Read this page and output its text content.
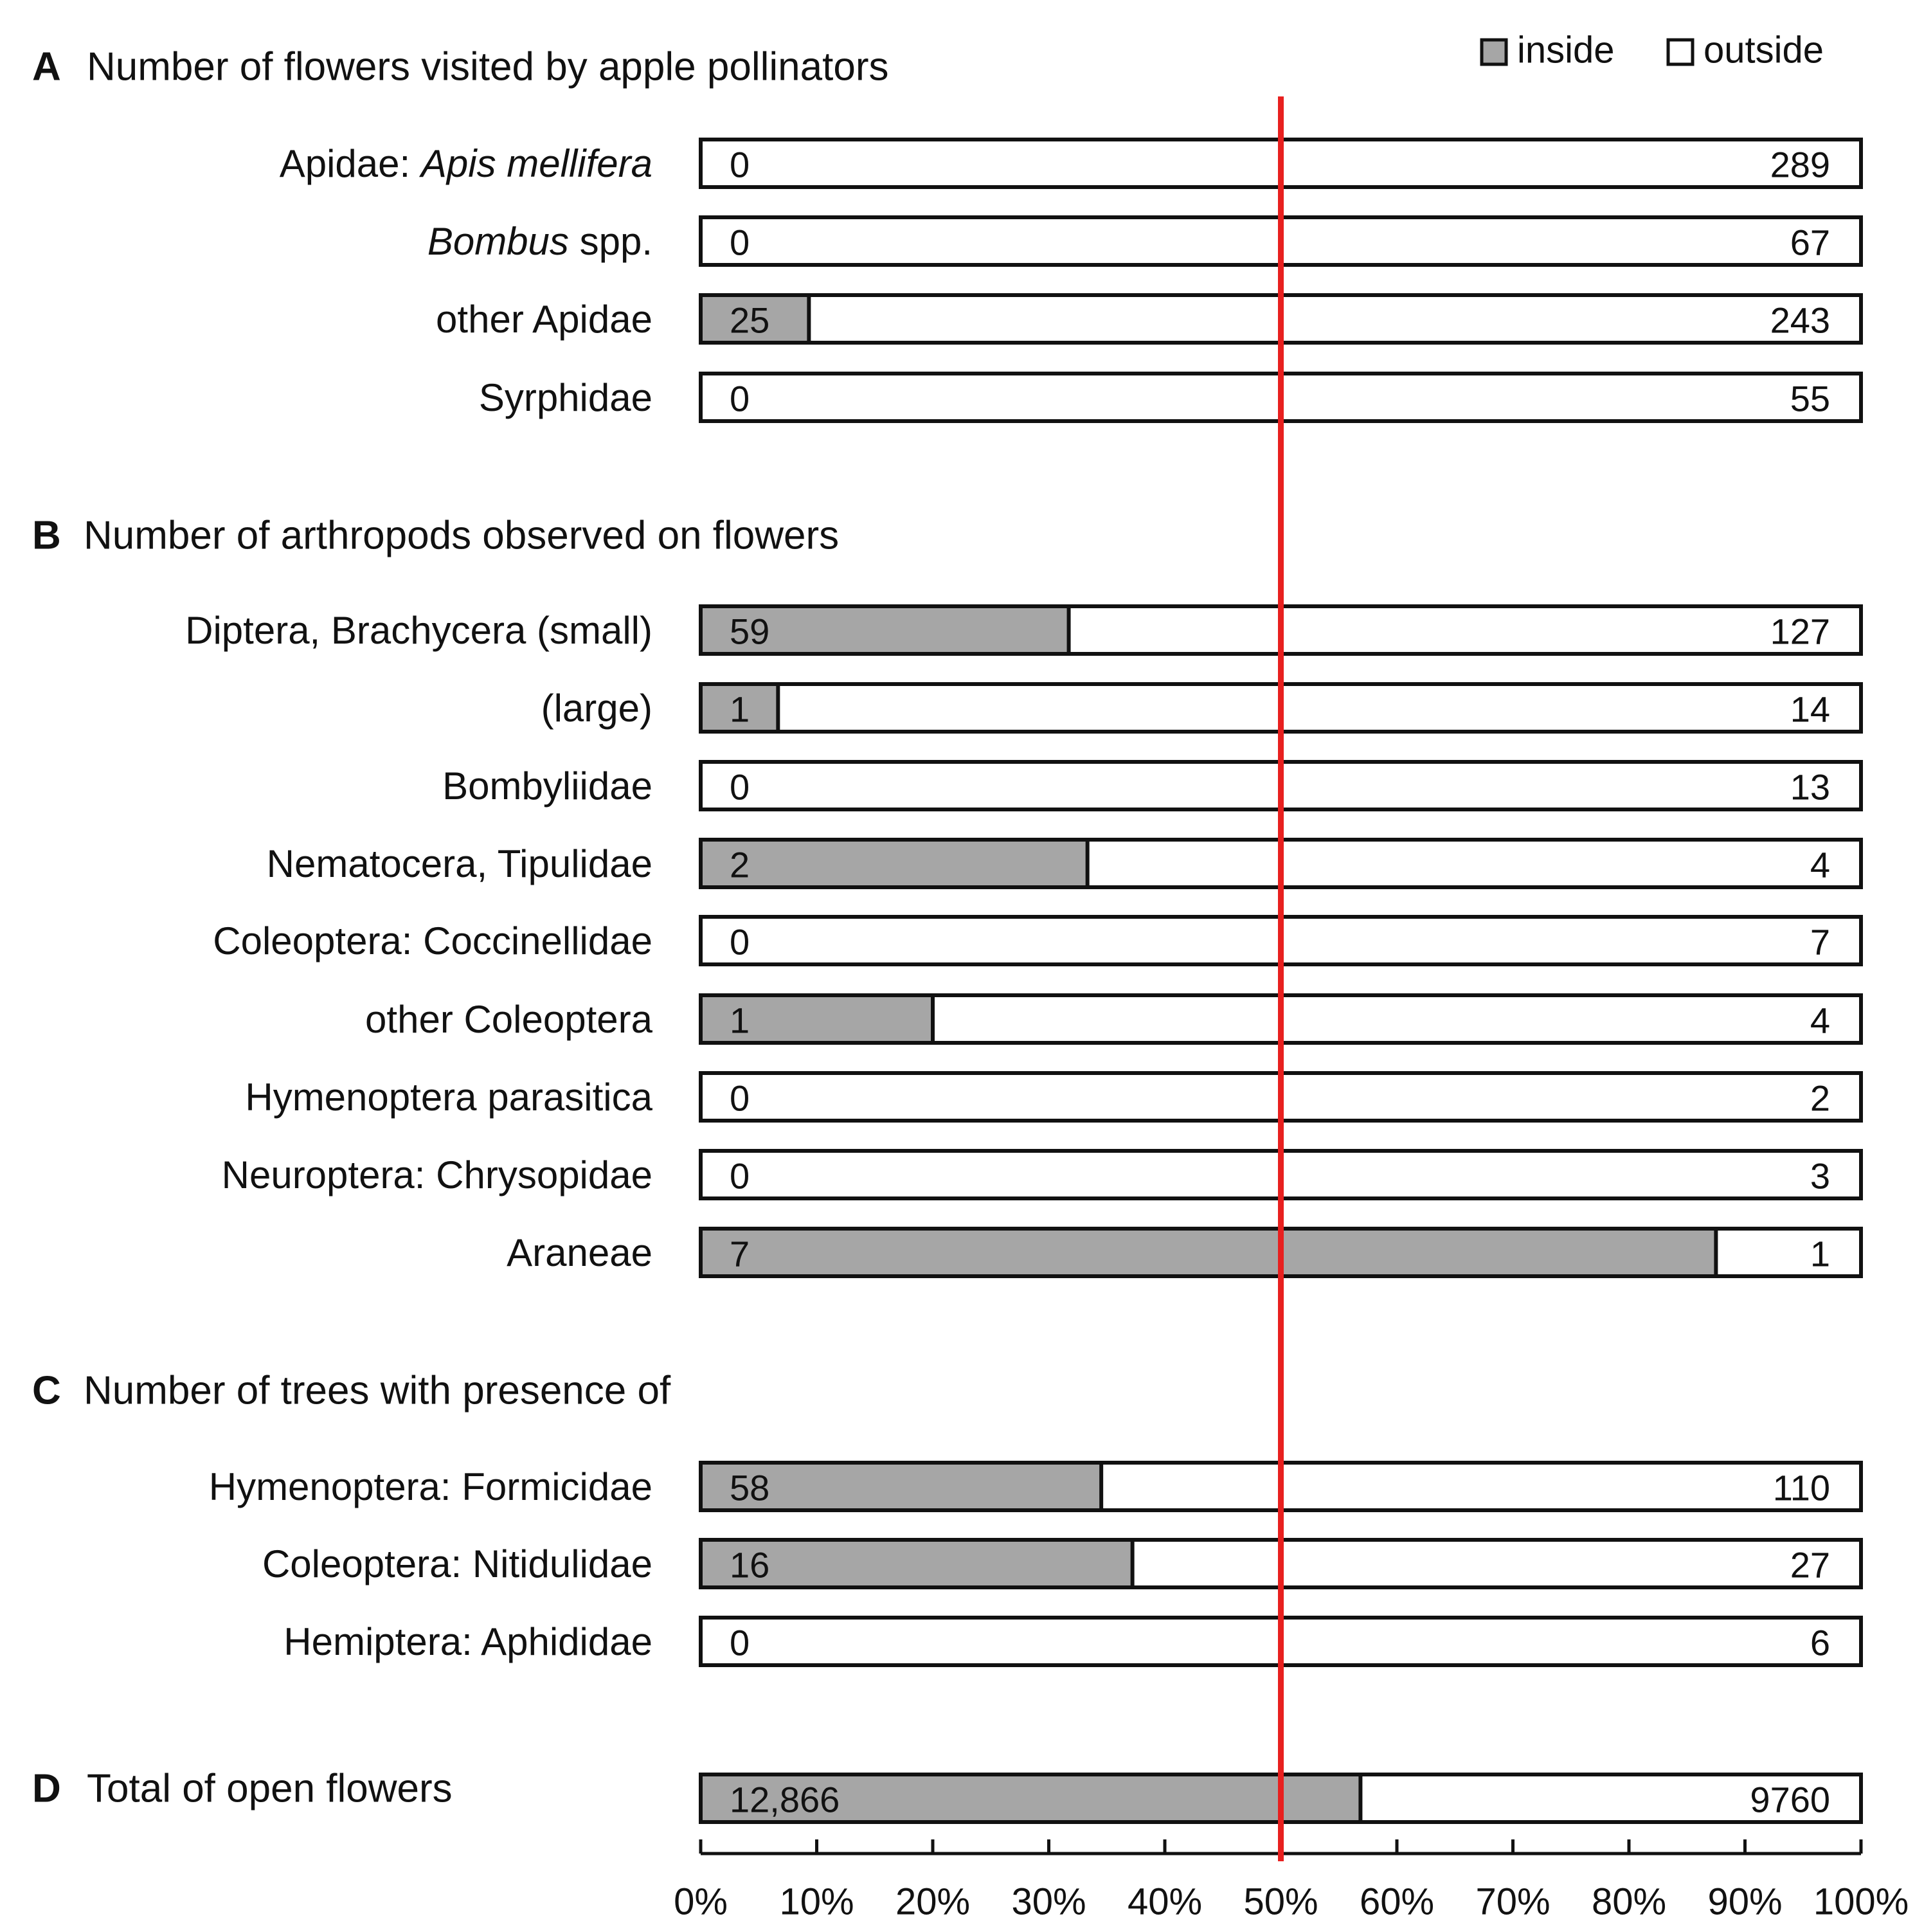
inside outside
A Number of flowers visited by apple pollinators
Apidae: Apis mellifera 0	289
Bombus spp. 0	67
other Apidae 25	243
Syrphidae 0	55
B Number of arthropods observed on flowers
Diptera, Brachycera (small) 59	127
(large) 1	14
Bombyliidae 0	13
Nematocera, Tipulidae 2	4
Coleoptera: Coccinellidae 0	7
other Coleoptera 1	4
Hymenoptera parasitica 0	2
Neuroptera: Chrysopidae 0	3
Araneae 7	1
C Number of trees with presence of
Hymenoptera: Formicidae 58	110
Coleoptera: Nitidulidae 16	27
Hemiptera: Aphididae 0	6
D Total of open flowers	12,866	9760
0% 10% 20% 30% 40% 50% 60% 70% 80% 90% 100%
